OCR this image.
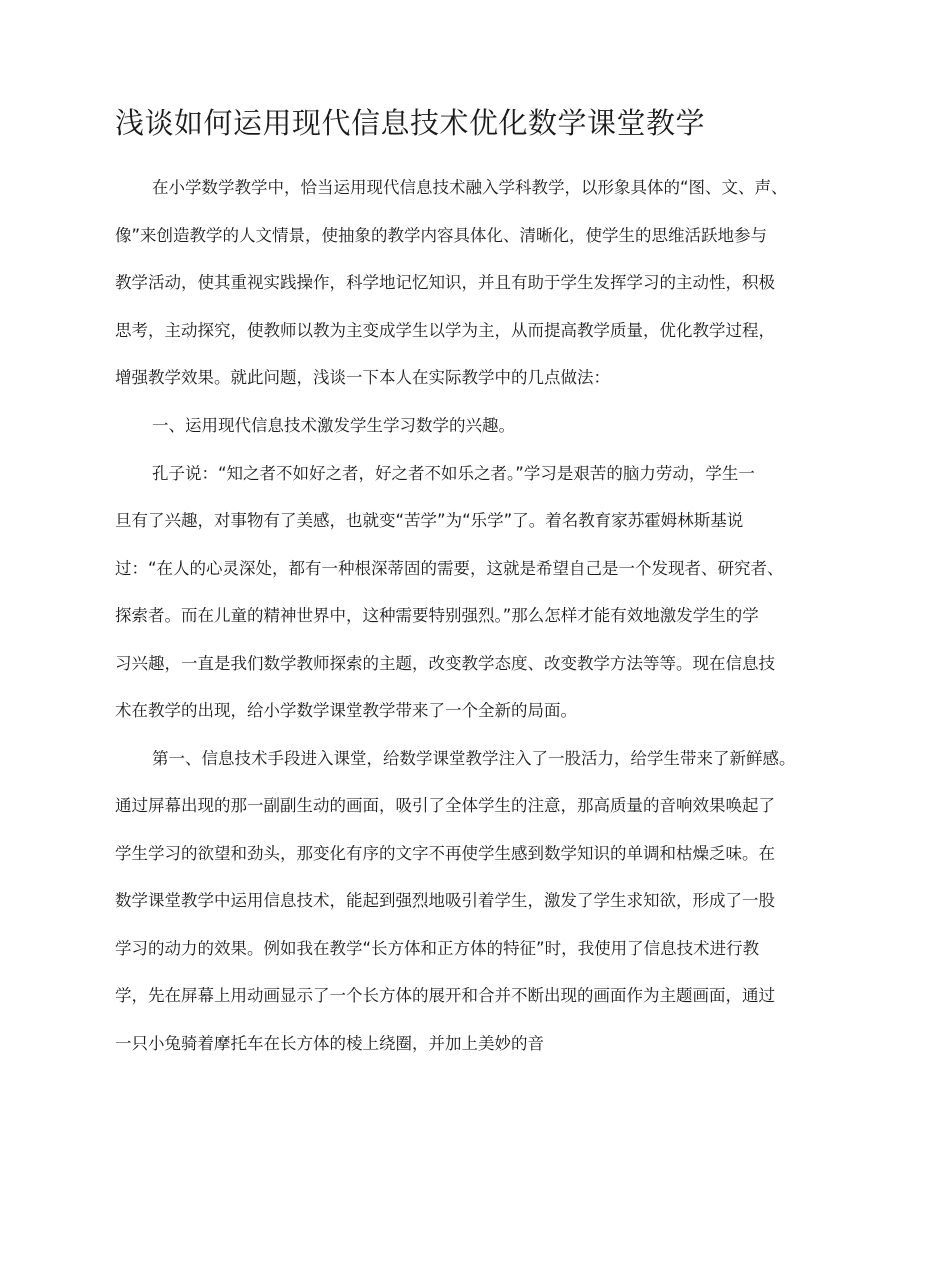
浅谈如何运用现代信息技术优化数学课堂教学

在小学数学教学中，恰当运用现代信息技术融入学科教学，以形象具体的“图、文、声、

像”来创造教学的人文情景，使抽象的教学内容具体化、清晰化，使学生的思维活跃地参与

教学活动，使其重视实践操作，科学地记忆知识，并且有助于学生发挥学习的主动性，积极

思考，主动探究，使教师以教为主变成学生以学为主，从而提高教学质量，优化教学过程，

增强教学效果。就此问题，浅谈一下本人在实际教学中的几点做法：

一、运用现代信息技术激发学生学习数学的兴趣。

孔子说：“知之者不如好之者，好之者不如乐之者。”学习是艰苦的脑力劳动，学生一

旦有了兴趣，对事物有了美感，也就变“苦学”为“乐学”了。着名教育家苏霍姆林斯基说

过：“在人的心灵深处，都有一种根深蒂固的需要，这就是希望自己是一个发现者、研究者、

探索者。而在儿童的精神世界中，这种需要特别强烈。”那么怎样才能有效地激发学生的学

习兴趣，一直是我们数学教师探索的主题，改变教学态度、改变教学方法等等。现在信息技

术在教学的出现，给小学数学课堂教学带来了一个全新的局面。

第一、信息技术手段进入课堂，给数学课堂教学注入了一股活力，给学生带来了新鲜感。

通过屏幕出现的那一副副生动的画面，吸引了全体学生的注意，那高质量的音响效果唤起了

学生学习的欲望和劲头，那变化有序的文字不再使学生感到数学知识的单调和枯燥乏味。在

数学课堂教学中运用信息技术，能起到强烈地吸引着学生，激发了学生求知欲，形成了一股

学习的动力的效果。例如我在教学“长方体和正方体的特征”时，我使用了信息技术进行教

学，先在屏幕上用动画显示了一个长方体的展开和合并不断出现的画面作为主题画面，通过

一只小兔骑着摩托车在长方体的棱上绕圈，并加上美妙的音
